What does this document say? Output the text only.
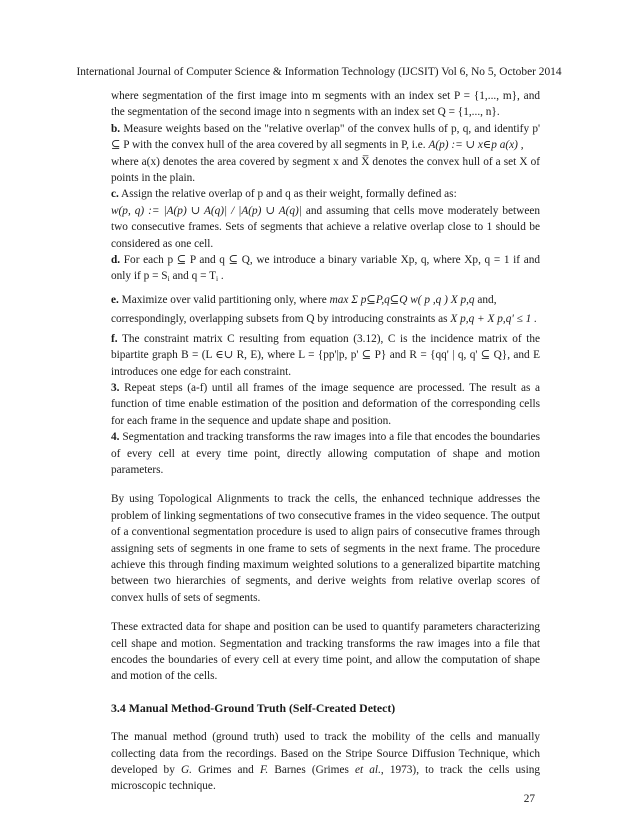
International Journal of Computer Science & Information Technology (IJCSIT) Vol 6, No 5, October 2014

where segmentation of the first image into m segments with an index set P = {1,..., m}, and the segmentation of the second image into n segments with an index set Q = {1,..., n}.

b. Measure weights based on the "relative overlap" of the convex hulls of p, q, and identify p' ⊆ P with the convex hull of the area covered by all segments in P, i.e. A(p) := ∪ x∈p a(x) ,

where a(x) denotes the area covered by segment x and X̅ denotes the convex hull of a set X of points in the plain.

c. Assign the relative overlap of p and q as their weight, formally defined as:

w(p, q) := |A(p) ∪ A(q)| / |A(p) ∪ A(q)| and assuming that cells move moderately between two consecutive frames. Sets of segments that achieve a relative overlap close to 1 should be considered as one cell.

d. For each p ⊆ P and q ⊆ Q, we introduce a binary variable Xp, q, where Xp, q = 1 if and only if $p = S_i$ and $q = T_i$ .

e. Maximize over valid partitioning only, where max Σ p⊆P,q⊆Q w( p ,q ) X p,q and,

correspondingly, overlapping subsets from Q by introducing constraints as X p,q + X p,q' ≤ 1 .

f. The constraint matrix C resulting from equation (3.12), C is the incidence matrix of the bipartite graph B = (L ∈∪ R, E), where L = {pp'|p, p' ⊆ P} and R = {qq' | q, q' ⊆ Q}, and E introduces one edge for each constraint.

3. Repeat steps (a-f) until all frames of the image sequence are processed. The result as a function of time enable estimation of the position and deformation of the corresponding cells for each frame in the sequence and update shape and position.

4. Segmentation and tracking transforms the raw images into a file that encodes the boundaries of every cell at every time point, directly allowing computation of shape and motion parameters.

By using Topological Alignments to track the cells, the enhanced technique addresses the problem of linking segmentations of two consecutive frames in the video sequence. The output of a conventional segmentation procedure is used to align pairs of consecutive frames through assigning sets of segments in one frame to sets of segments in the next frame. The procedure achieve this through finding maximum weighted solutions to a generalized bipartite matching between two hierarchies of segments, and derive weights from relative overlap scores of convex hulls of sets of segments.

These extracted data for shape and position can be used to quantify parameters characterizing cell shape and motion. Segmentation and tracking transforms the raw images into a file that encodes the boundaries of every cell at every time point, and allow the computation of shape and motion of the cells.

3.4 Manual Method-Ground Truth (Self-Created Detect)

The manual method (ground truth) used to track the mobility of the cells and manually collecting data from the recordings. Based on the Stripe Source Diffusion Technique, which developed by G. Grimes and F. Barnes (Grimes et al., 1973), to track the cells using microscopic technique.

27
